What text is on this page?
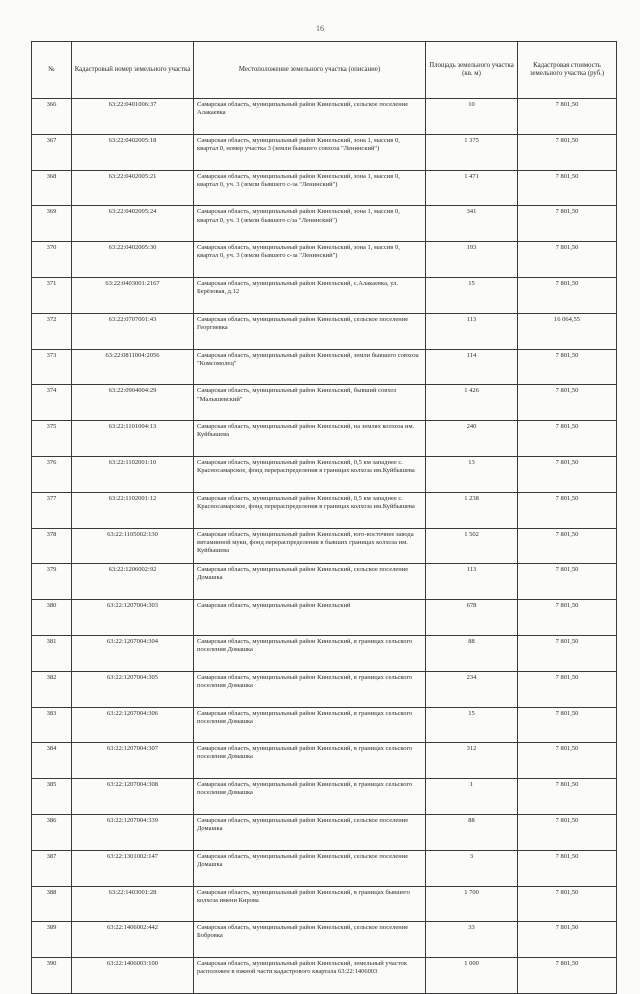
16
№	Кадастровый номер земельного участка	Местоположение земельного участка (описание)	Площадь земельного участка (кв. м)	Кадастровая стоимость земельного участка (руб.)
366	63:22:0401006:37	Самарская область, муниципальный район Кинельский, сельское поселение Алакаевка	10	7 801,50
367	63:22:0402005:18	Самарская область, муниципальный район Кинельский, зона 1, массив 0, квартал 0, номер участка 3 (земли бывшего совхоза "Ленинский")	1 375	7 801,50
368	63:22:0402005:21	Самарская область, муниципальный район Кинельский, зона 1, массив 0, квартал 0, уч. 3 (земли бывшего с-за "Ленинский")	1 471	7 801,50
369	63:22:0402005:24	Самарская область, муниципальный район Кинельский, зона 1, массив 0, квартал 0, уч. 3 (земли бывшего с/за "Ленинский")	341	7 801,50
370	63:22:0402005:30	Самарская область, муниципальный район Кинельский, зона 1, массив 0, квартал 0, уч. 3 (земли бывшего с-за "Ленинский")	193	7 801,50
371	63:22:0403001:2167	Самарская область, муниципальный район Кинельский, с.Алакаевка, ул. Берёзовая, д.12	15	7 801,50
372	63:22:0707001:43	Самарская область, муниципальный район Кинельский, сельское поселение Георгиевка	113	16 064,55
373	63:22:0811004:2056	Самарская область, муниципальный район Кинельский, земли бывшего совхоза "Комсомолец"	114	7 801,50
374	63:22:0904004:29	Самарская область, муниципальный район Кинельский, бывший совхоз "Малышевский"	1 426	7 801,50
375	63:22:1101004:13	Самарская область, муниципальный район Кинельский, на землях колхоза им. Куйбышева	240	7 801,50
376	63:22:1102001:10	Самарская область, муниципальный район Кинельский, 0,5 км западнее с. Красносамарское, фонд перераспределения в границах колхоза им.Куйбышева	13	7 801,50
377	63:22:1102001:12	Самарская область, муниципальный район Кинельский, 0,5 км западнее с. Красносамарское, фонд перераспределения в границах колхоза им.Куйбышева	1 238	7 801,50
378	63:22:1105002:130	Самарская область, муниципальный район Кинельский, юго-восточнее завода витаминной муки, фонд перераспределения в бывших границах колхоза им. Куйбышева	1 502	7 801,50
379	63:22:1206002:92	Самарская область, муниципальный район Кинельский, сельское поселение Домашка	113	7 801,50
380	63:22:1207004:303	Самарская область, муниципальный район Кинельский	678	7 801,50
381	63:22:1207004:304	Самарская область, муниципальный район Кинельский, в границах сельского поселения Домашка	88	7 801,50
382	63:22:1207004:305	Самарская область, муниципальный район Кинельский, в границах сельского поселения Домашка	234	7 801,50
383	63:22:1207004:306	Самарская область, муниципальный район Кинельский, в границах сельского поселения Домашка	15	7 801,50
384	63:22:1207004:307	Самарская область, муниципальный район Кинельский, в границах сельского поселения Домашка	312	7 801,50
385	63:22:1207004:308	Самарская область, муниципальный район Кинельский, в границах сельского поселения Домашка	1	7 801,50
386	63:22:1207004:339	Самарская область, муниципальный район Кинельский, сельское поселение Домашка	88	7 801,50
387	63:22:1301002:147	Самарская область, муниципальный район Кинельский, сельское поселение Домашка	3	7 801,50
388	63:22:1403001:28	Самарская область, муниципальный район Кинельский, в границах бывшего колхоза имени Кирова	1 700	7 801,50
389	63:22:1406002:442	Самарская область, муниципальный район Кинельский, сельское поселение Бобровка	33	7 801,50
390	63:22:1406003:100	Самарская область, муниципальный район Кинельский, земельный участок расположен в южной части кадастрового квартала 63:22:1406003	1 000	7 801,50
